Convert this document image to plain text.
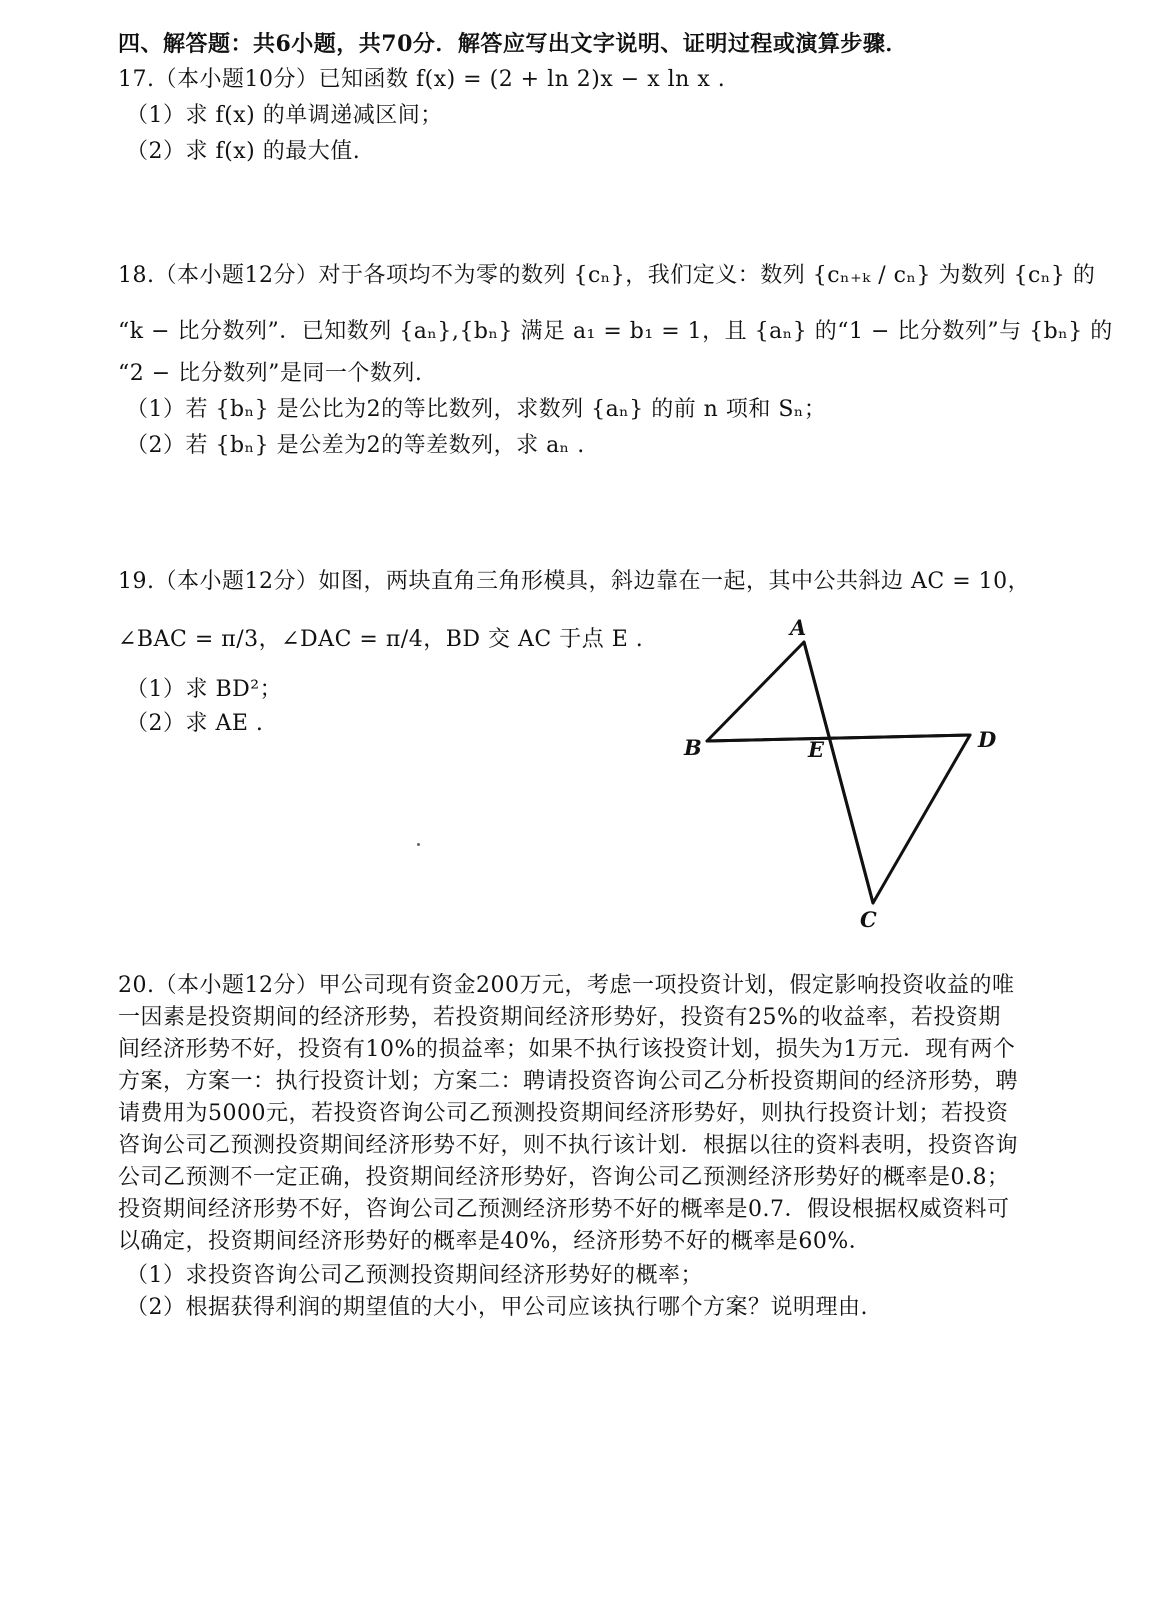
四、解答题：共6小题，共70分．解答应写出文字说明、证明过程或演算步骤．
17.（本小题10分）已知函数 f(x) = (2 + ln 2)x − x ln x .
（1）求 f(x) 的单调递减区间；
（2）求 f(x) 的最大值.
18.（本小题12分）对于各项均不为零的数列 {cₙ}，我们定义：数列 {cₙ₊ₖ / cₙ} 为数列 {cₙ} 的
“k − 比分数列”．已知数列 {aₙ},{bₙ} 满足 a₁ = b₁ = 1，且 {aₙ} 的“1 − 比分数列”与 {bₙ} 的
“2 − 比分数列”是同一个数列.
（1）若 {bₙ} 是公比为2的等比数列，求数列 {aₙ} 的前 n 项和 Sₙ；
（2）若 {bₙ} 是公差为2的等差数列，求 aₙ .
19.（本小题12分）如图，两块直角三角形模具，斜边靠在一起，其中公共斜边 AC = 10，
∠BAC = π/3，∠DAC = π/4，BD 交 AC 于点 E .
（1）求 BD²；
（2）求 AE .
A
B	E	D
C
20.（本小题12分）甲公司现有资金200万元，考虑一项投资计划，假定影响投资收益的唯
一因素是投资期间的经济形势，若投资期间经济形势好，投资有25%的收益率，若投资期
间经济形势不好，投资有10%的损益率；如果不执行该投资计划，损失为1万元．现有两个
方案，方案一：执行投资计划；方案二：聘请投资咨询公司乙分析投资期间的经济形势，聘
请费用为5000元，若投资咨询公司乙预测投资期间经济形势好，则执行投资计划；若投资
咨询公司乙预测投资期间经济形势不好，则不执行该计划．根据以往的资料表明，投资咨询
公司乙预测不一定正确，投资期间经济形势好，咨询公司乙预测经济形势好的概率是0.8；
投资期间经济形势不好，咨询公司乙预测经济形势不好的概率是0.7．假设根据权威资料可
以确定，投资期间经济形势好的概率是40%，经济形势不好的概率是60%．
（1）求投资咨询公司乙预测投资期间经济形势好的概率；
（2）根据获得利润的期望值的大小，甲公司应该执行哪个方案？说明理由.
